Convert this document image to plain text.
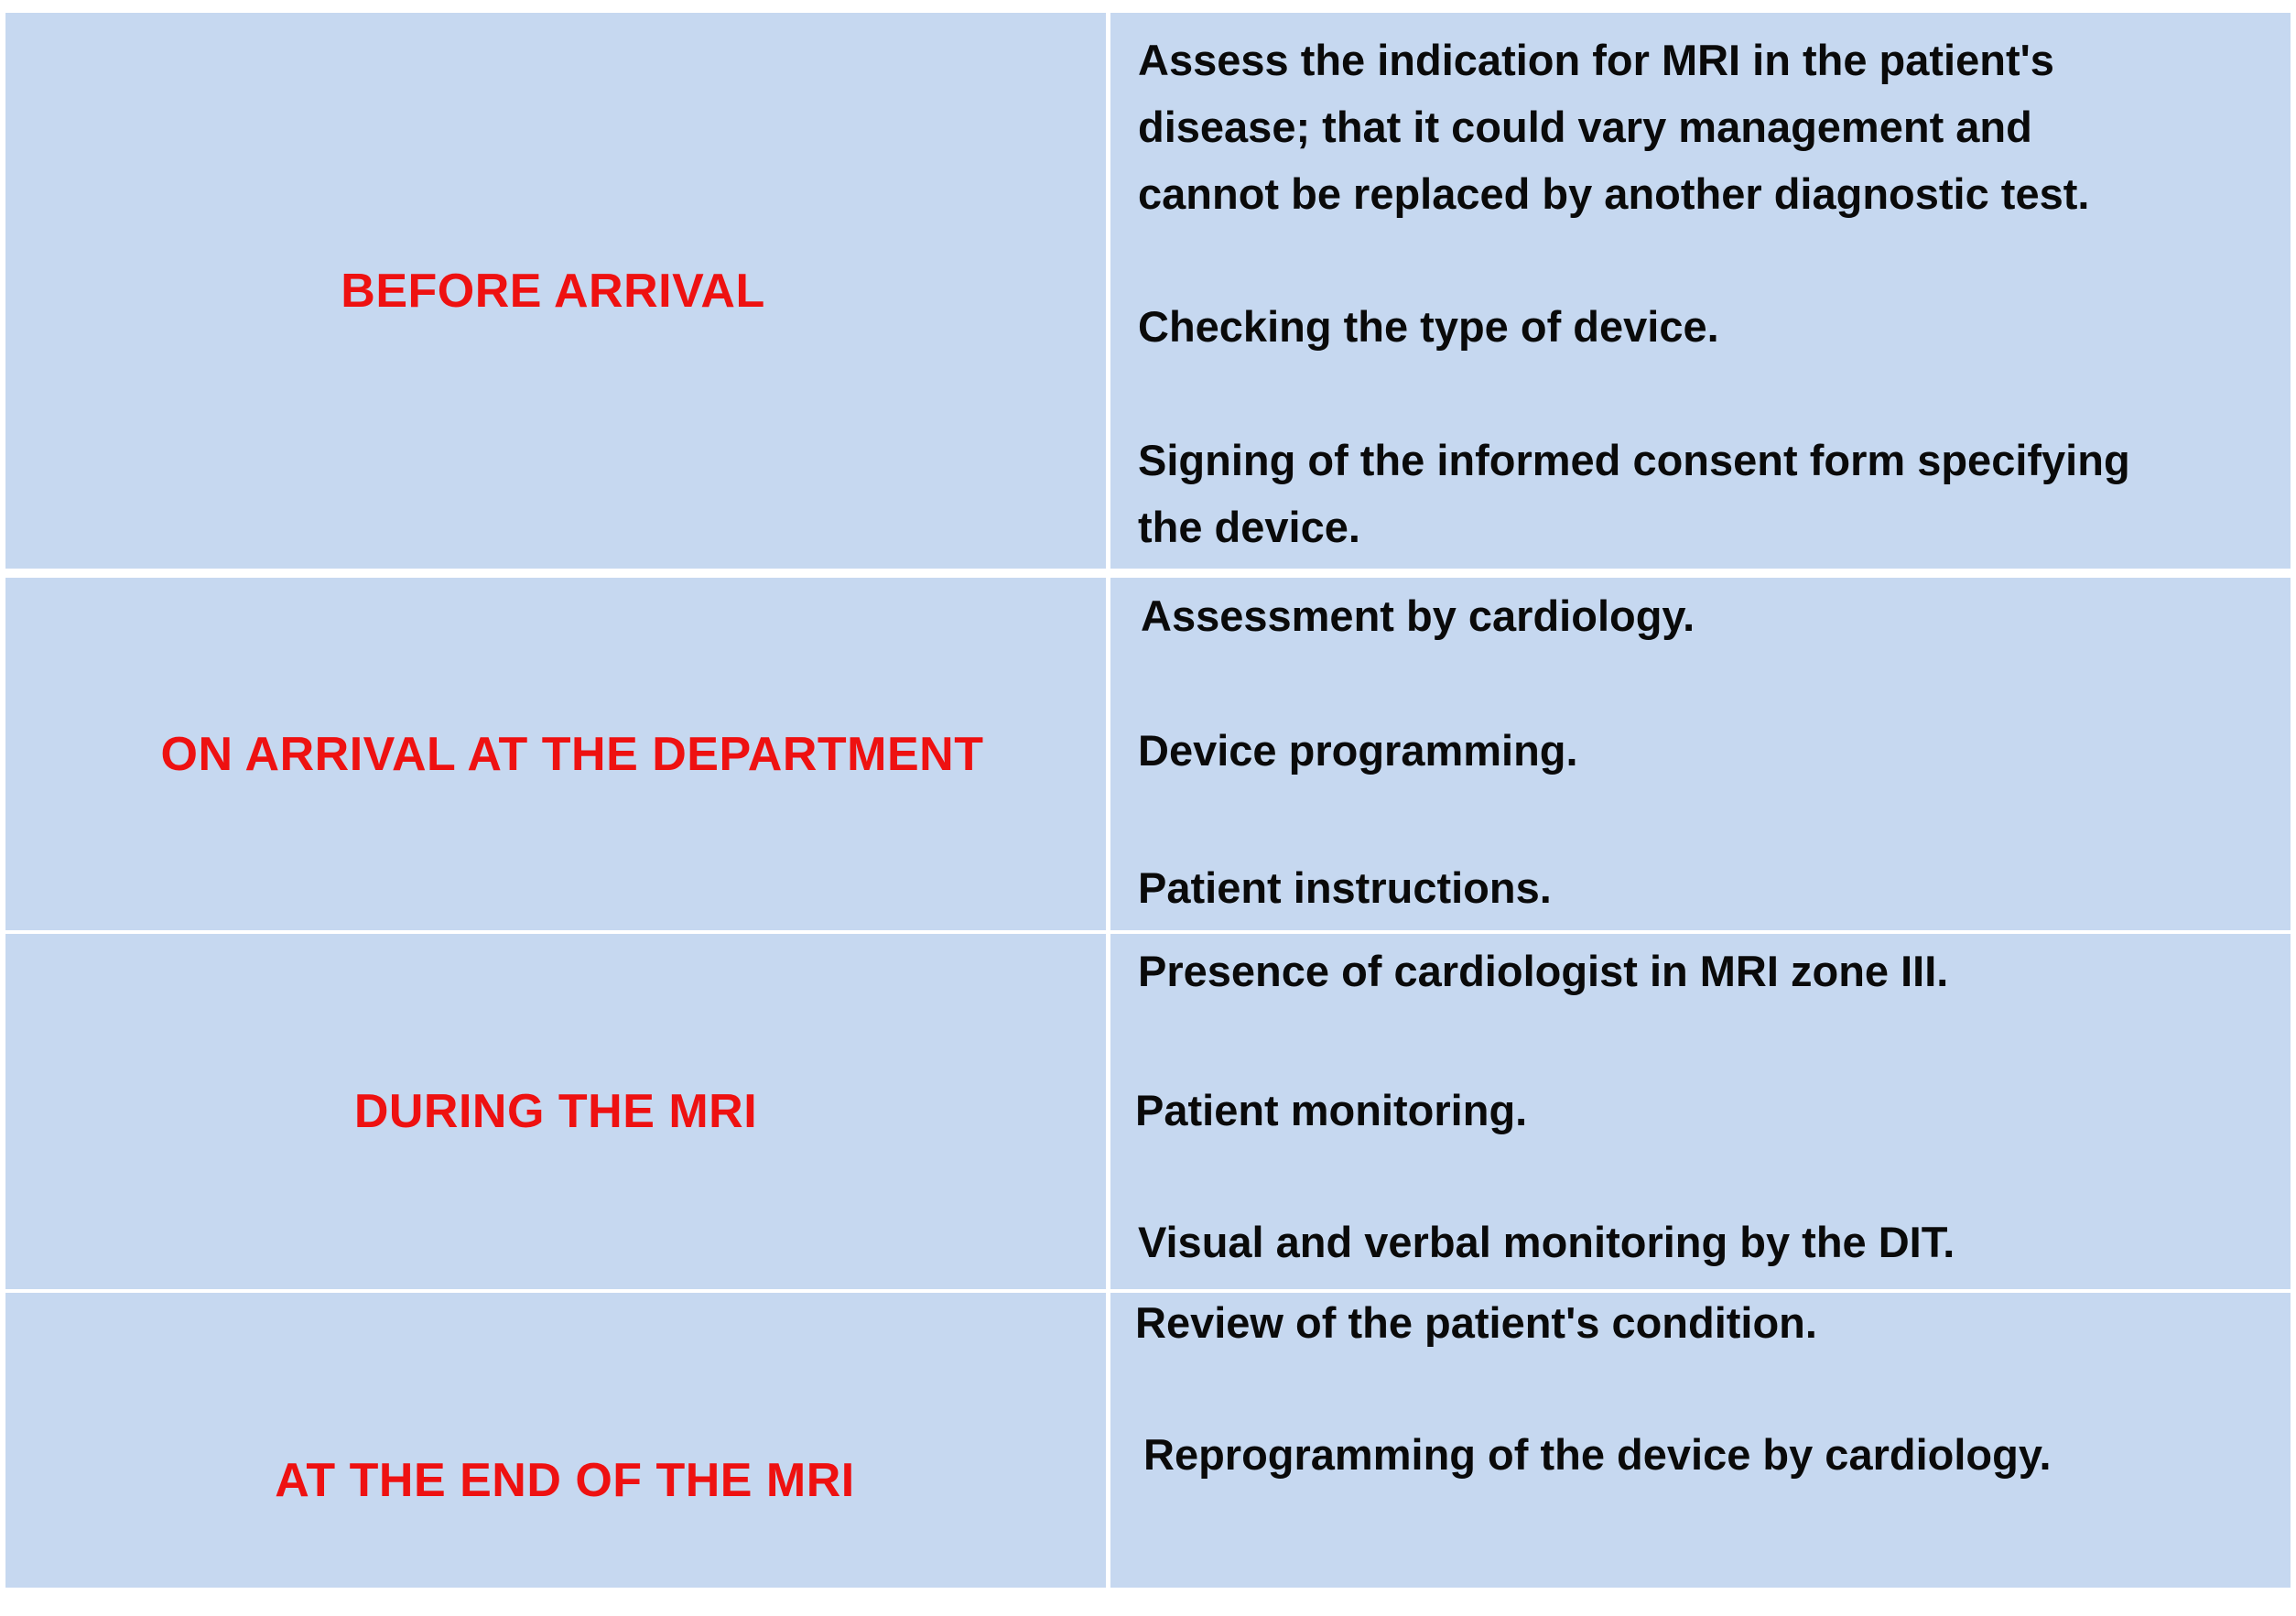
BEFORE ARRIVAL
Assess the indication for MRI in the patient's
disease; that it could vary management and
cannot be replaced by another diagnostic test.
Checking the type of device.
Signing of the informed consent form specifying
the device.
ON ARRIVAL AT THE DEPARTMENT
Assessment by cardiology.
Device programming.
Patient instructions.
DURING THE MRI
Presence of cardiologist in MRI zone III.
Patient monitoring.
Visual and verbal monitoring by the DIT.
AT THE END OF THE MRI
Review of the patient's condition.
Reprogramming of the device by cardiology.
